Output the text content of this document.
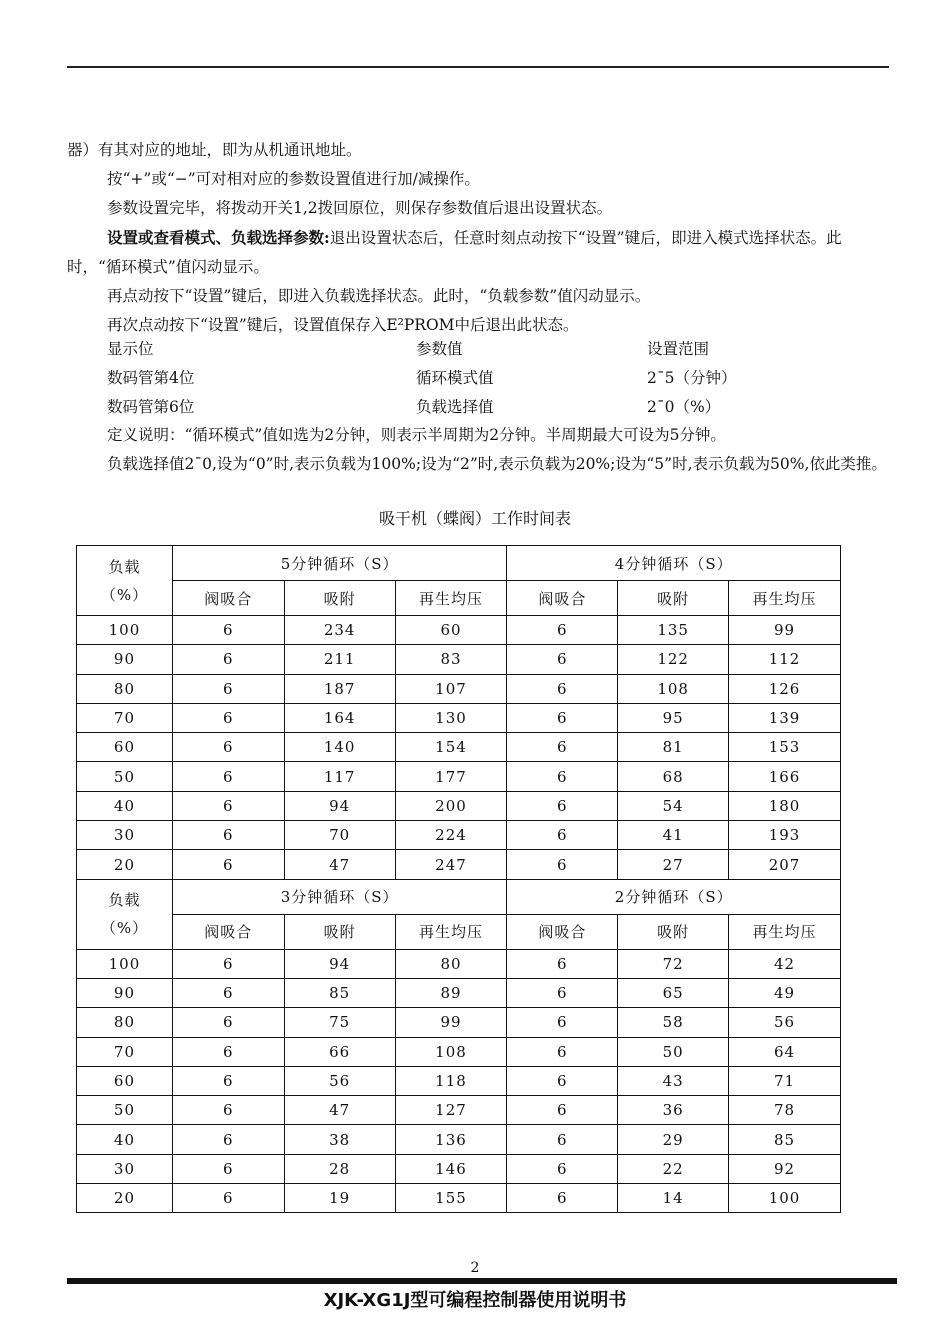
器）有其对应的地址，即为从机通讯地址。

按“+”或“−”可对相对应的参数设置值进行加/减操作。

参数设置完毕，将拨动开关1,2拨回原位，则保存参数值后退出设置状态。

设置或查看模式、负载选择参数:退出设置状态后，任意时刻点动按下“设置”键后，即进入模式选择状态。此时，“循环模式”值闪动显示。

再点动按下“设置”键后，即进入负载选择状态。此时，“负载参数”值闪动显示。

再次点动按下“设置”键后，设置值保存入E²PROM中后退出此状态。

显示位	参数值	设置范围
数码管第4位	循环模式值	2¯5（分钟）
数码管第6位	负载选择值	2¯0（%）

定义说明：“循环模式”值如选为2分钟，则表示半周期为2分钟。半周期最大可设为5分钟。

负载选择值2¯0,设为“0”时,表示负载为100%;设为“2”时,表示负载为20%;设为“5”时,表示负载为50%,依此类推。

吸干机（蝶阀）工作时间表
负载
（%）	5分钟循环（S）			4分钟循环（S）		
	阀吸合	吸附	再生均压	阀吸合	吸附	再生均压
100	6	234	60	6	135	99
90	6	211	83	6	122	112
80	6	187	107	6	108	126
70	6	164	130	6	95	139
60	6	140	154	6	81	153
50	6	117	177	6	68	166
40	6	94	200	6	54	180
30	6	70	224	6	41	193
20	6	47	247	6	27	207

负载
（%）	3分钟循环（S）			2分钟循环（S）		
	阀吸合	吸附	再生均压	阀吸合	吸附	再生均压
100	6	94	80	6	72	42
90	6	85	89	6	65	49
80	6	75	99	6	58	56
70	6	66	108	6	50	64
60	6	56	118	6	43	71
50	6	47	127	6	36	78
40	6	38	136	6	29	85
30	6	28	146	6	22	92
20	6	19	155	6	14	100
2
XJK-XG1J型可编程控制器使用说明书
